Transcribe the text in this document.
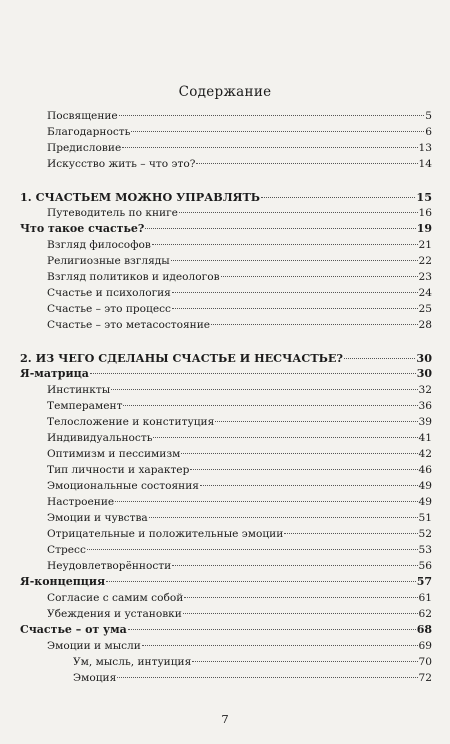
Содержание
Посвящение	5
Благодарность	6
Предисловие	13
Искусство жить – что это?	14
1. СЧАСТЬЕМ МОЖНО УПРАВЛЯТЬ	15
Путеводитель по книге	16
Что такое счастье?	19
Взгляд философов	21
Религиозные взгляды	22
Взгляд политиков и идеологов	23
Счастье и психология	24
Счастье – это процесс	25
Счастье – это метасостояние	28
2. ИЗ ЧЕГО СДЕЛАНЫ СЧАСТЬЕ И НЕСЧАСТЬЕ?	30
Я-матрица	30
Инстинкты	32
Темперамент	36
Телосложение и конституция	39
Индивидуальность	41
Оптимизм и пессимизм	42
Тип личности и характер	46
Эмоциональные состояния	49
Настроение	49
Эмоции и чувства	51
Отрицательные и положительные эмоции	52
Стресс	53
Неудовлетворённости	56
Я-концепция	57
Согласие с самим собой	61
Убеждения и установки	62
Счастье – от ума	68
Эмоции и мысли	69
Ум, мысль, интуиция	70
Эмоция	72
7
